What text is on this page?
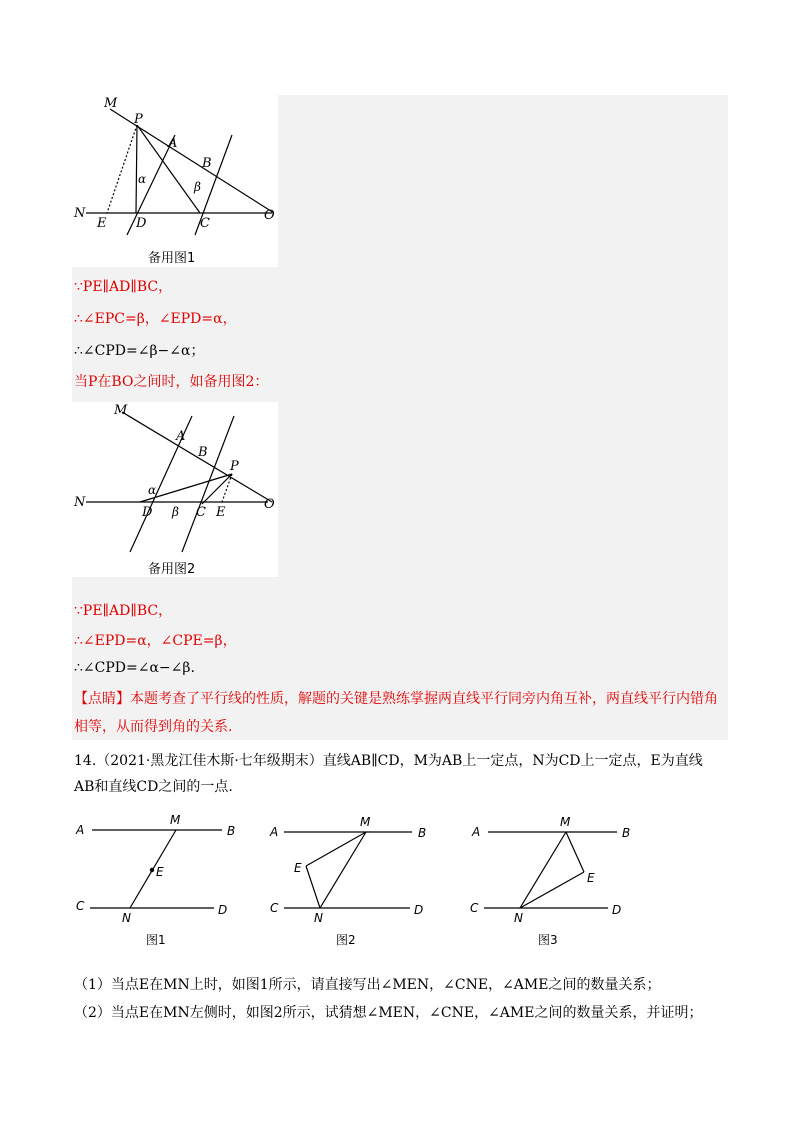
M
P
A
B
α
β
N
E D	C
O
备用图1
∵PE∥AD∥BC，
∴∠EPC=β，∠EPD=α，
∴∠CPD=∠β−∠α；
当P在BO之间时，如备用图2：
M
A
B
P
α
β
N
D	C E
O
备用图2
∵PE∥AD∥BC，
∴∠EPD=α，∠CPE=β，
∴∠CPD=∠α−∠β.
【点睛】本题考查了平行线的性质，解题的关键是熟练掌握两直线平行同旁内角互补，两直线平行内错角
相等，从而得到角的关系.
14.（2021·黑龙江佳木斯·七年级期末）直线AB∥CD，M为AB上一定点，N为CD上一定点，E为直线
AB和直线CD之间的一点.
A	B
M
E
C
N
D
A	B
M
E
C
N
D
A	B
M
E
C
N
D
图1	图2	图3
（1）当点E在MN上时，如图1所示，请直接写出∠MEN，∠CNE，∠AME之间的数量关系；
（2）当点E在MN左侧时，如图2所示，试猜想∠MEN，∠CNE，∠AME之间的数量关系，并证明；
